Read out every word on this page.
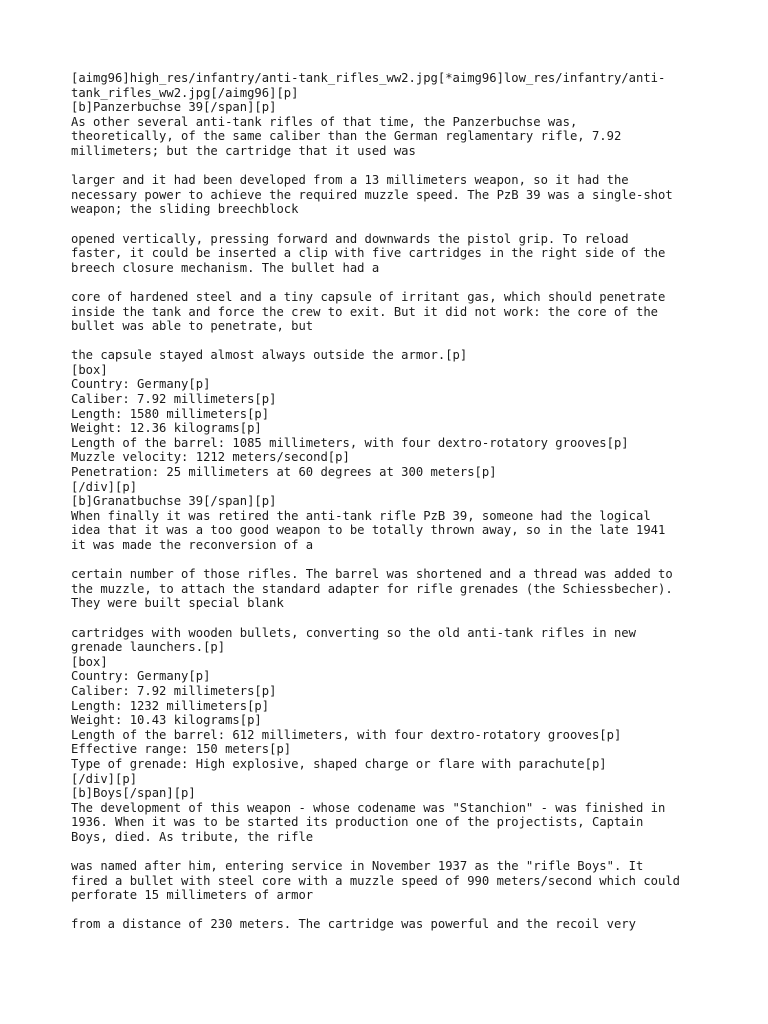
[aimg96]high_res/infantry/anti-tank_rifles_ww2.jpg[*aimg96]low_res/infantry/anti-
tank_rifles_ww2.jpg[/aimg96][p]
[b]Panzerbuchse 39[/span][p]
As other several anti-tank rifles of that time, the Panzerbuchse was,
theoretically, of the same caliber than the German reglamentary rifle, 7.92
millimeters; but the cartridge that it used was
larger and it had been developed from a 13 millimeters weapon, so it had the
necessary power to achieve the required muzzle speed. The PzB 39 was a single-shot
weapon; the sliding breechblock
opened vertically, pressing forward and downwards the pistol grip. To reload
faster, it could be inserted a clip with five cartridges in the right side of the
breech closure mechanism. The bullet had a
core of hardened steel and a tiny capsule of irritant gas, which should penetrate
inside the tank and force the crew to exit. But it did not work: the core of the
bullet was able to penetrate, but
the capsule stayed almost always outside the armor.[p]
[box]
Country: Germany[p]
Caliber: 7.92 millimeters[p]
Length: 1580 millimeters[p]
Weight: 12.36 kilograms[p]
Length of the barrel: 1085 millimeters, with four dextro-rotatory grooves[p]
Muzzle velocity: 1212 meters/second[p]
Penetration: 25 millimeters at 60 degrees at 300 meters[p]
[/div][p]
[b]Granatbuchse 39[/span][p]
When finally it was retired the anti-tank rifle PzB 39, someone had the logical
idea that it was a too good weapon to be totally thrown away, so in the late 1941
it was made the reconversion of a
certain number of those rifles. The barrel was shortened and a thread was added to
the muzzle, to attach the standard adapter for rifle grenades (the Schiessbecher).
They were built special blank
cartridges with wooden bullets, converting so the old anti-tank rifles in new
grenade launchers.[p]
[box]
Country: Germany[p]
Caliber: 7.92 millimeters[p]
Length: 1232 millimeters[p]
Weight: 10.43 kilograms[p]
Length of the barrel: 612 millimeters, with four dextro-rotatory grooves[p]
Effective range: 150 meters[p]
Type of grenade: High explosive, shaped charge or flare with parachute[p]
[/div][p]
[b]Boys[/span][p]
The development of this weapon - whose codename was "Stanchion" - was finished in
1936. When it was to be started its production one of the projectists, Captain
Boys, died. As tribute, the rifle
was named after him, entering service in November 1937 as the "rifle Boys". It
fired a bullet with steel core with a muzzle speed of 990 meters/second which could
perforate 15 millimeters of armor
from a distance of 230 meters. The cartridge was powerful and the recoil very
